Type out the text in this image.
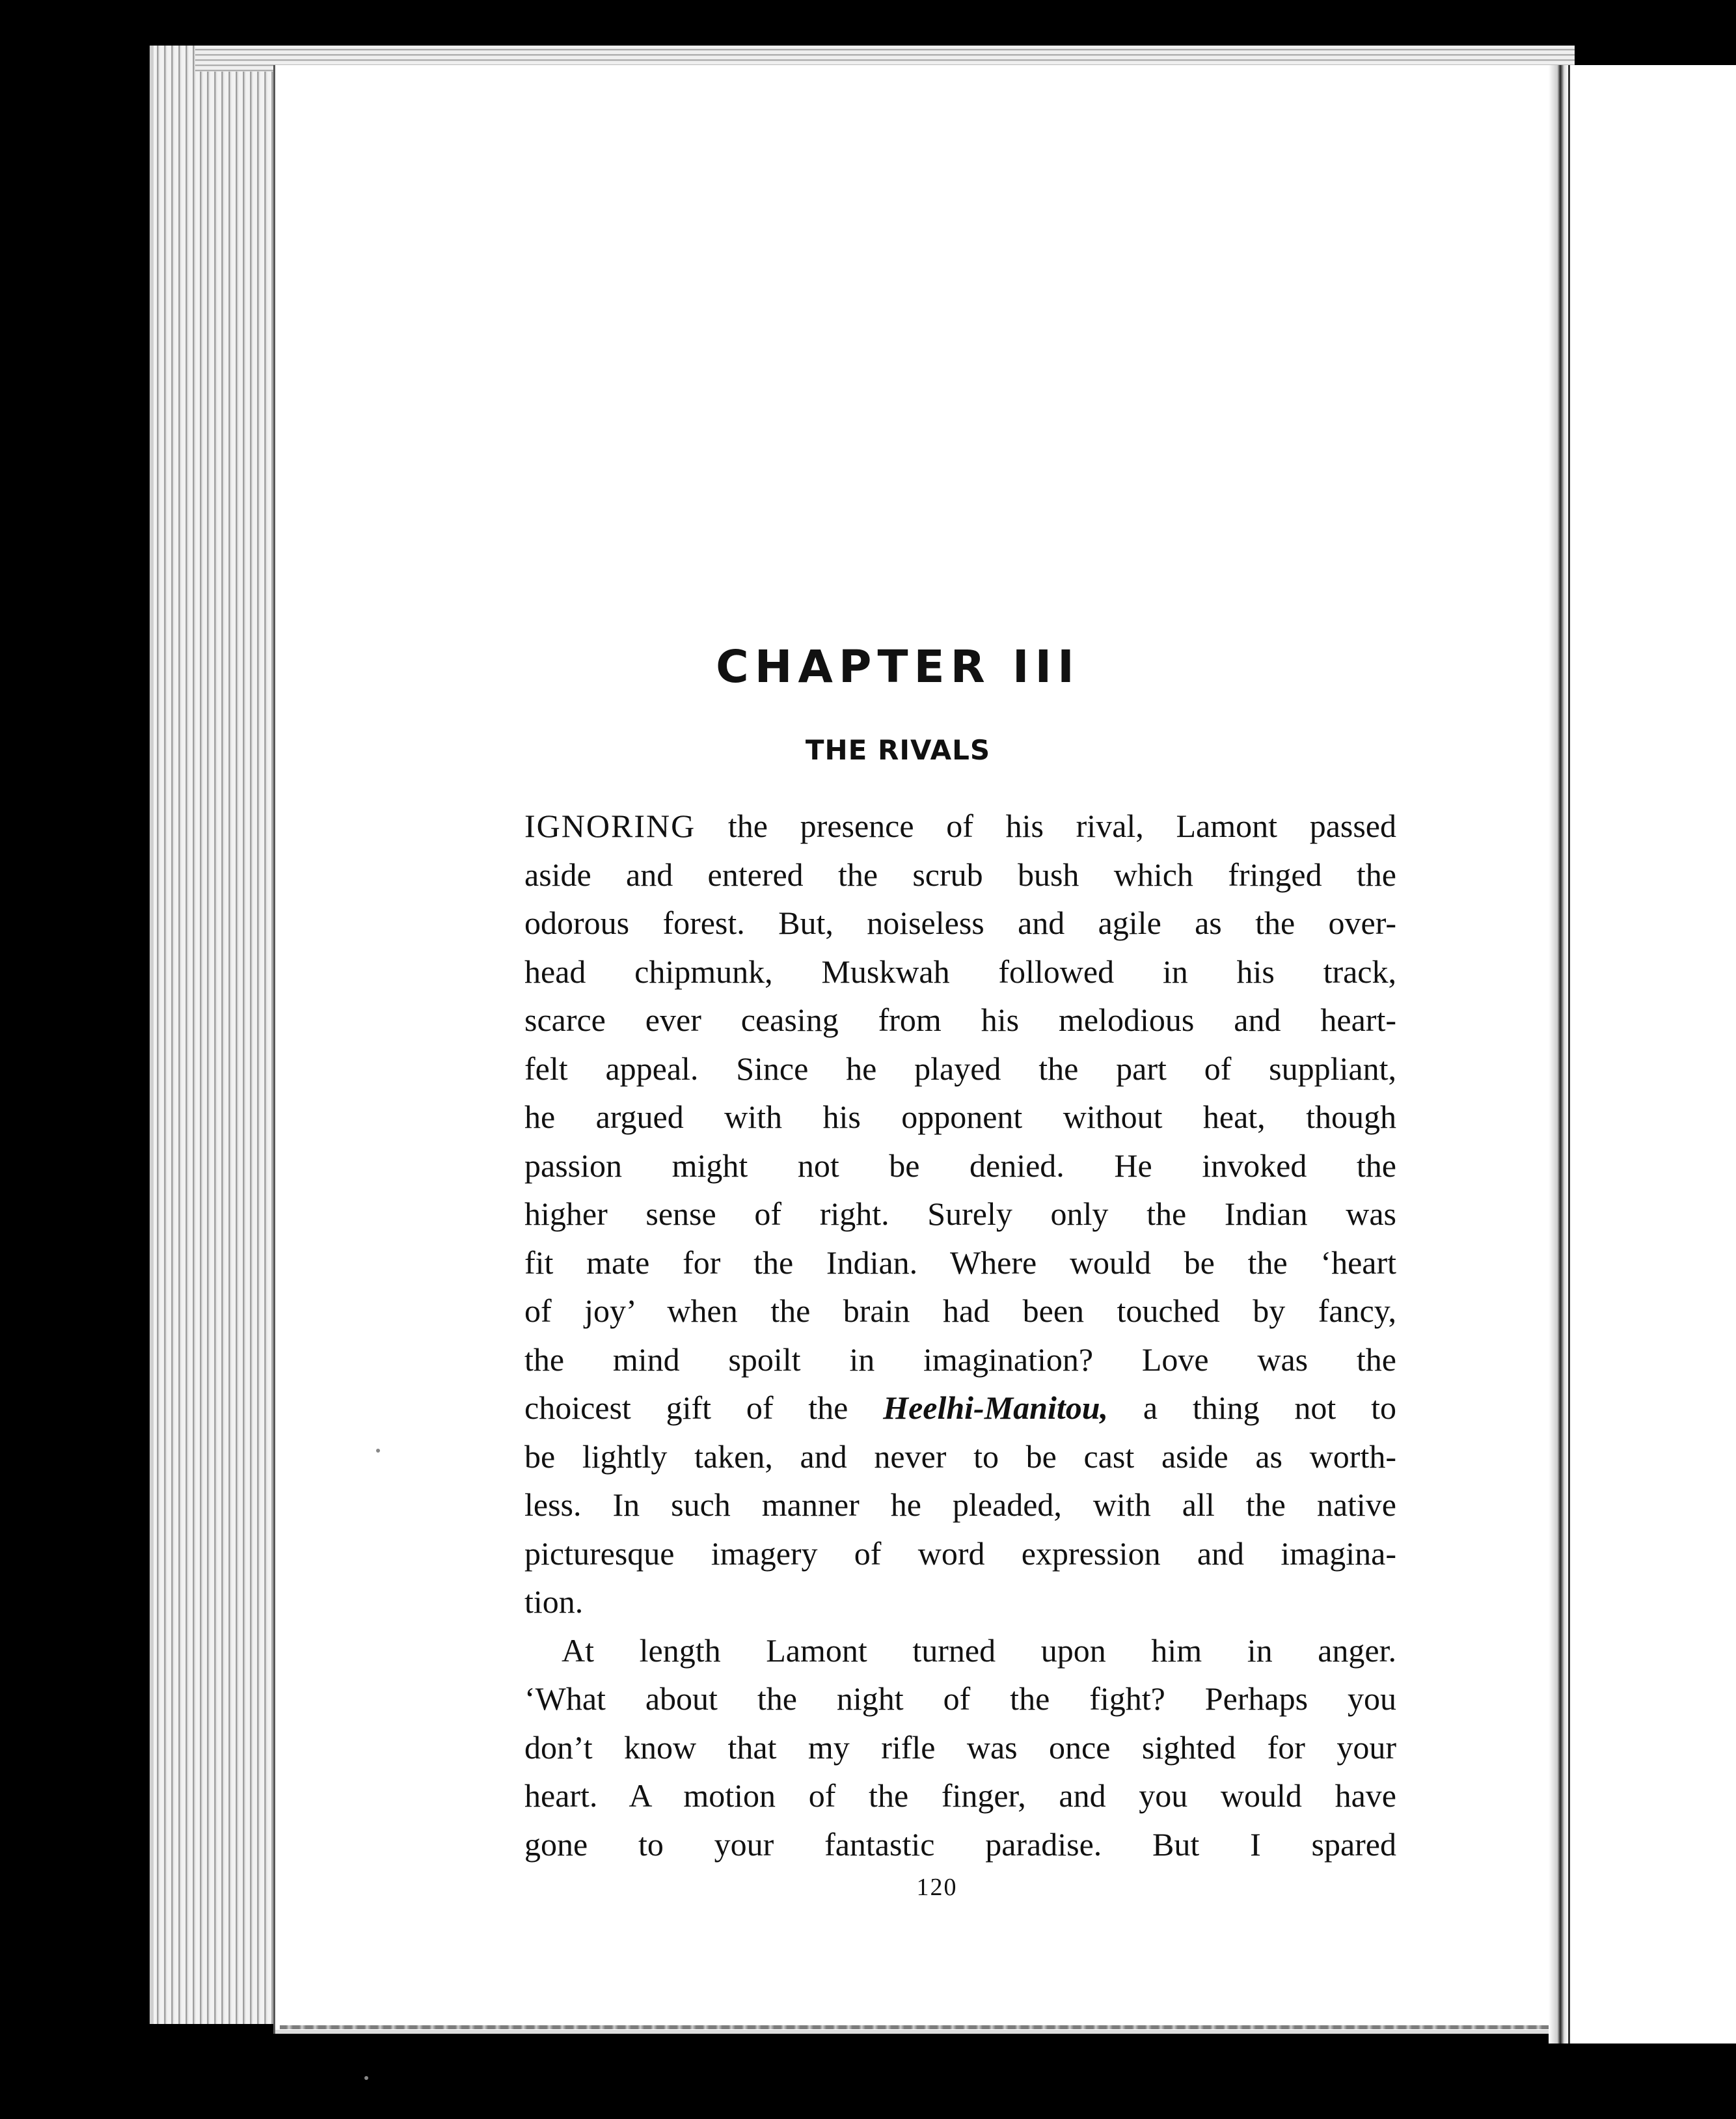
CHAPTER III
THE RIVALS

IGNORING the presence of his rival, Lamont passed
aside and entered the scrub bush which fringed the
odorous forest. But, noiseless and agile as the over-
head chipmunk, Muskwah followed in his track,
scarce ever ceasing from his melodious and heart-
felt appeal. Since he played the part of suppliant,
he argued with his opponent without heat, though
passion might not be denied. He invoked the
higher sense of right. Surely only the Indian was
fit mate for the Indian. Where would be the ‘heart
of joy’ when the brain had been touched by fancy,
the mind spoilt in imagination? Love was the
choicest gift of the Heelhi-Manitou, a thing not to
be lightly taken, and never to be cast aside as worth-
less. In such manner he pleaded, with all the native
picturesque imagery of word expression and imagina-
tion.

At length Lamont turned upon him in anger.
‘What about the night of the fight? Perhaps you
don’t know that my rifle was once sighted for your
heart. A motion of the finger, and you would have
gone to your fantastic paradise. But I spared

120
